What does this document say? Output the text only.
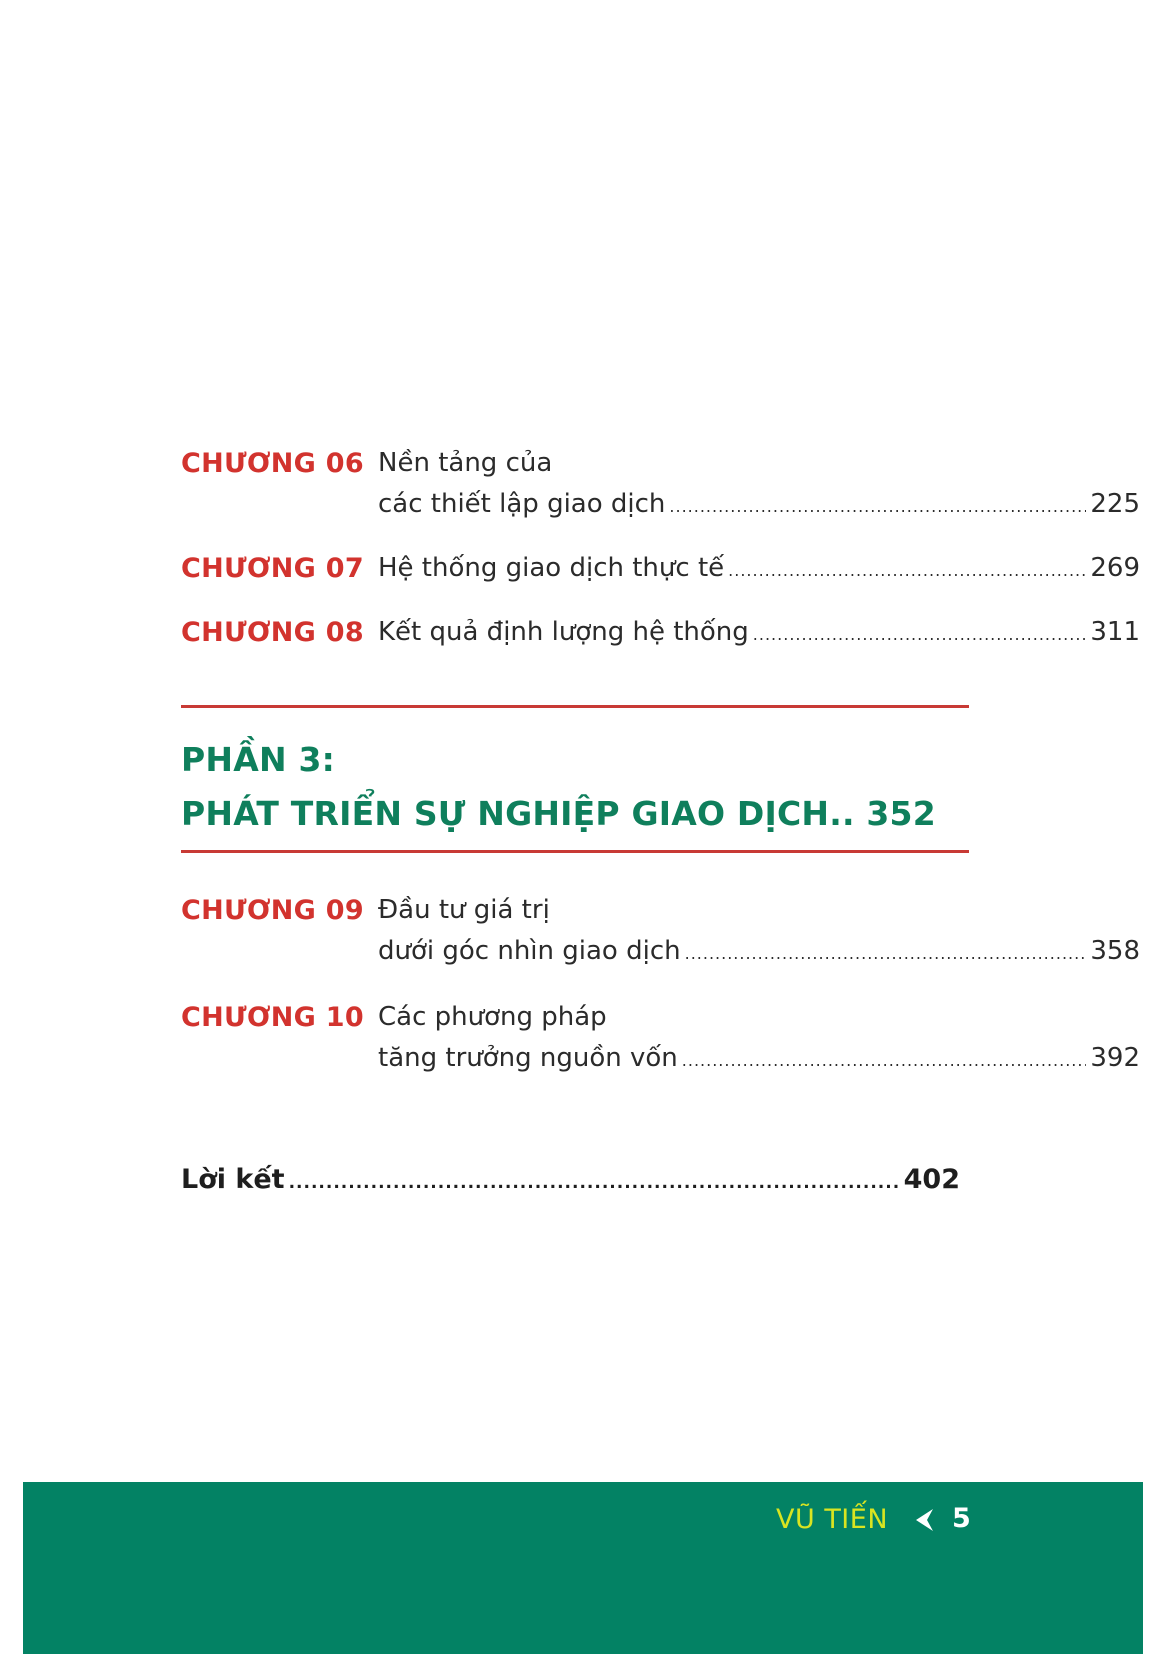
CHƯƠNG 06 Nền tảng của
các thiết lập giao dịch .....	225
CHƯƠNG 07 Hệ thống giao dịch thực tế .....	269
CHƯƠNG 08 Kết quả định lượng hệ thống .....	311
PHẦN 3:
PHÁT TRIỂN SỰ NGHIỆP GIAO DỊCH.. 352
CHƯƠNG 09 Đầu tư giá trị
dưới góc nhìn giao dịch .....	358
CHƯƠNG 10 Các phương pháp
tăng trưởng nguồn vốn .....	392
Lời kết .....	402
VŨ TIẾN 5
